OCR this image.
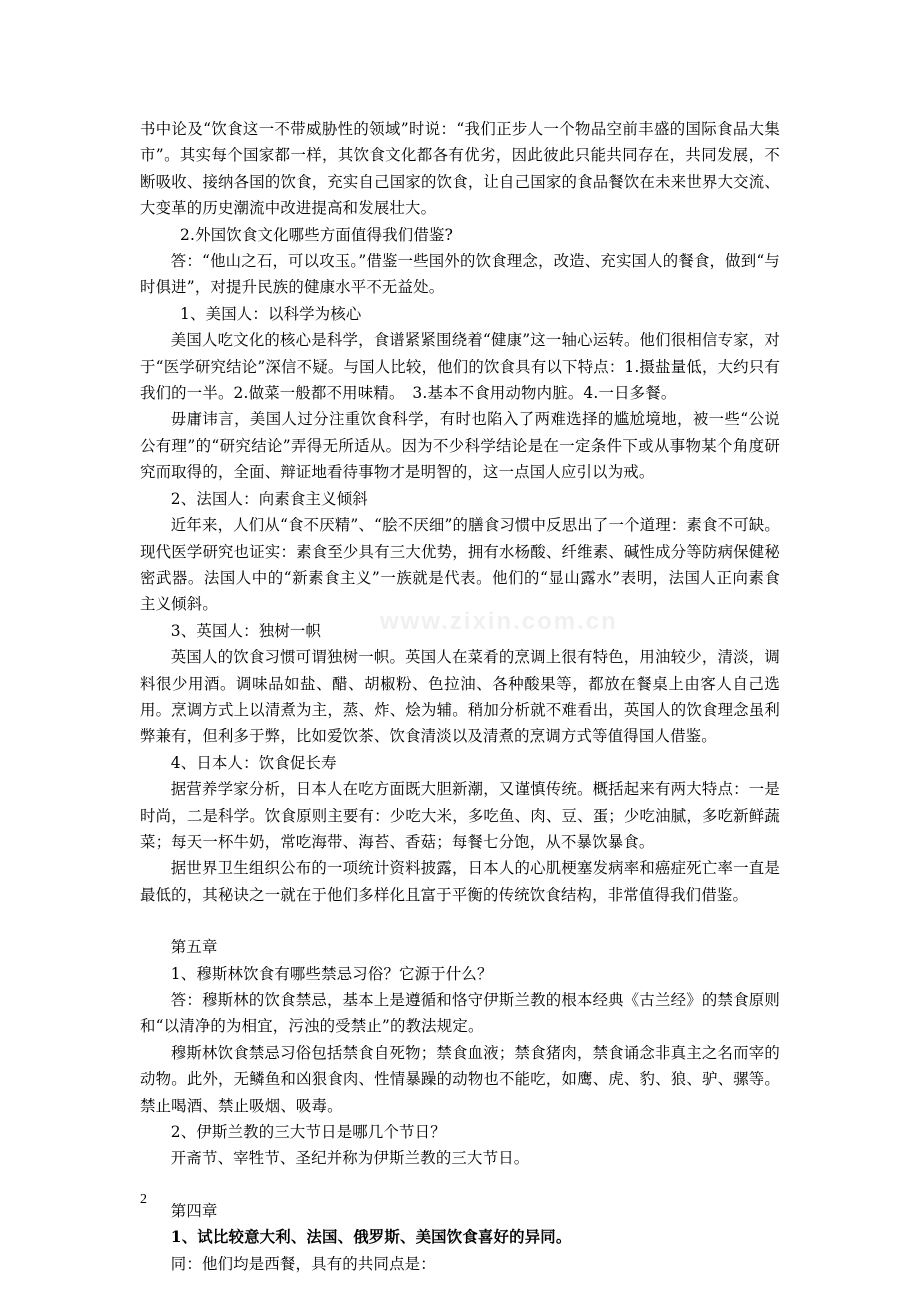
www.zixin.com.cn

书中论及“饮食这一不带威胁性的领域”时说：“我们正步人一个物品空前丰盛的国际食品大集市”。其实每个国家都一样，其饮食文化都各有优劣，因此彼此只能共同存在，共同发展，不断吸收、接纳各国的饮食，充实自己国家的饮食，让自己国家的食品餐饮在未来世界大交流、大变革的历史潮流中改进提高和发展壮大。

2.外国饮食文化哪些方面值得我们借鉴?

答：“他山之石，可以攻玉。”借鉴一些国外的饮食理念，改造、充实国人的餐食，做到“与时俱进”，对提升民族的健康水平不无益处。

1、美国人：以科学为核心

美国人吃文化的核心是科学，食谱紧紧围绕着“健康”这一轴心运转。他们很相信专家，对于“医学研究结论”深信不疑。与国人比较，他们的饮食具有以下特点：1.摄盐量低，大约只有我们的一半。2.做菜一般都不用味精。　3.基本不食用动物内脏。4.一日多餐。

毋庸讳言，美国人过分注重饮食科学，有时也陷入了两难选择的尴尬境地，被一些“公说公有理”的“研究结论”弄得无所适从。因为不少科学结论是在一定条件下或从事物某个角度研究而取得的，全面、辩证地看待事物才是明智的，这一点国人应引以为戒。

2、法国人：向素食主义倾斜

近年来，人们从“食不厌精”、“脍不厌细”的膳食习惯中反思出了一个道理：素食不可缺。现代医学研究也证实：素食至少具有三大优势，拥有水杨酸、纤维素、碱性成分等防病保健秘密武器。法国人中的“新素食主义”一族就是代表。他们的“显山露水”表明，法国人正向素食主义倾斜。

3、英国人：独树一帜

英国人的饮食习惯可谓独树一帜。英国人在菜肴的烹调上很有特色，用油较少，清淡，调料很少用酒。调味品如盐、醋、胡椒粉、色拉油、各种酸果等，都放在餐桌上由客人自己选用。烹调方式上以清煮为主，蒸、炸、烩为辅。稍加分析就不难看出，英国人的饮食理念虽利弊兼有，但利多于弊，比如爱饮茶、饮食清淡以及清煮的烹调方式等值得国人借鉴。

4、日本人：饮食促长寿

据营养学家分析，日本人在吃方面既大胆新潮，又谨慎传统。概括起来有两大特点：一是时尚，二是科学。饮食原则主要有：少吃大米，多吃鱼、肉、豆、蛋；少吃油腻，多吃新鲜蔬菜；每天一杯牛奶，常吃海带、海苔、香菇；每餐七分饱，从不暴饮暴食。

据世界卫生组织公布的一项统计资料披露，日本人的心肌梗塞发病率和癌症死亡率一直是最低的，其秘诀之一就在于他们多样化且富于平衡的传统饮食结构，非常值得我们借鉴。

第五章

1、穆斯林饮食有哪些禁忌习俗？它源于什么？

答：穆斯林的饮食禁忌，基本上是遵循和恪守伊斯兰教的根本经典《古兰经》的禁食原则和“以清净的为相宜，污浊的受禁止”的教法规定。

穆斯林饮食禁忌习俗包括禁食自死物；禁食血液；禁食猪肉，禁食诵念非真主之名而宰的动物。此外，无鳞鱼和凶狠食肉、性情暴躁的动物也不能吃，如鹰、虎、豹、狼、驴、骡等。禁止喝酒、禁止吸烟、吸毒。

2、伊斯兰教的三大节日是哪几个节日？

开斋节、宰牲节、圣纪并称为伊斯兰教的三大节日。

第四章

1、试比较意大利、法国、俄罗斯、美国饮食喜好的异同。

同：他们均是西餐，具有的共同点是：

2
